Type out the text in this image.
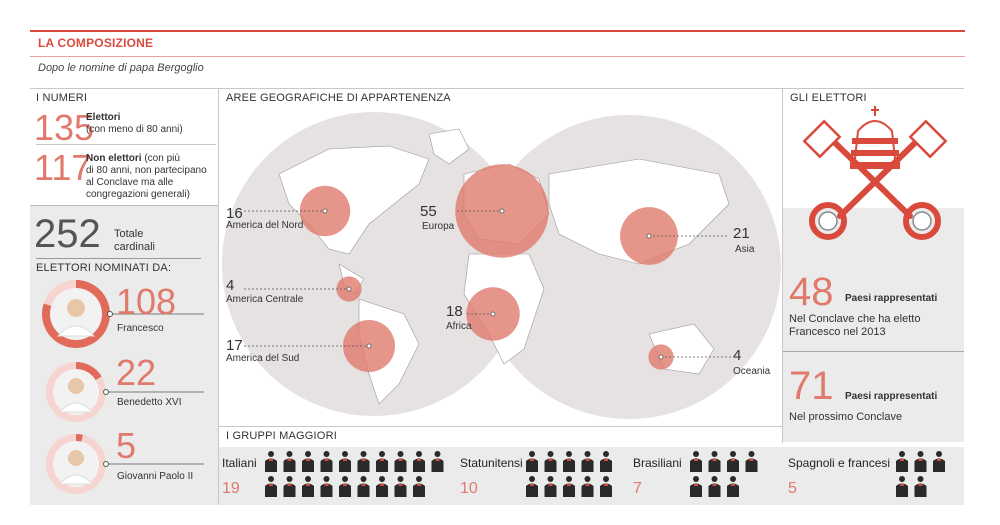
LA COMPOSIZIONE
Dopo le nomine di papa Bergoglio
I NUMERI
135
Elettori
(con meno di 80 anni)
117
Non elettori (con più
di 80 anni, non partecipano
al Conclave ma alle
congregazioni generali)
252 Totale
cardinali
ELETTORI NOMINATI DA:
108
Francesco
22
Benedetto XVI
5
Giovanni Paolo II
AREE GEOGRAFICHE DI APPARTENENZA
16
America del Nord
4
America Centrale
17
America del Sud
55
Europa
18
Africa
21
Asia
4
Oceania
GLI ELETTORI
48 Paesi rappresentati
Nel Conclave che ha eletto
Francesco nel 2013
71 Paesi rappresentati
Nel prossimo Conclave
I GRUPPI MAGGIORI
Italiani
19
Statunitensi
10
Brasiliani
7
Spagnoli e francesi
5
